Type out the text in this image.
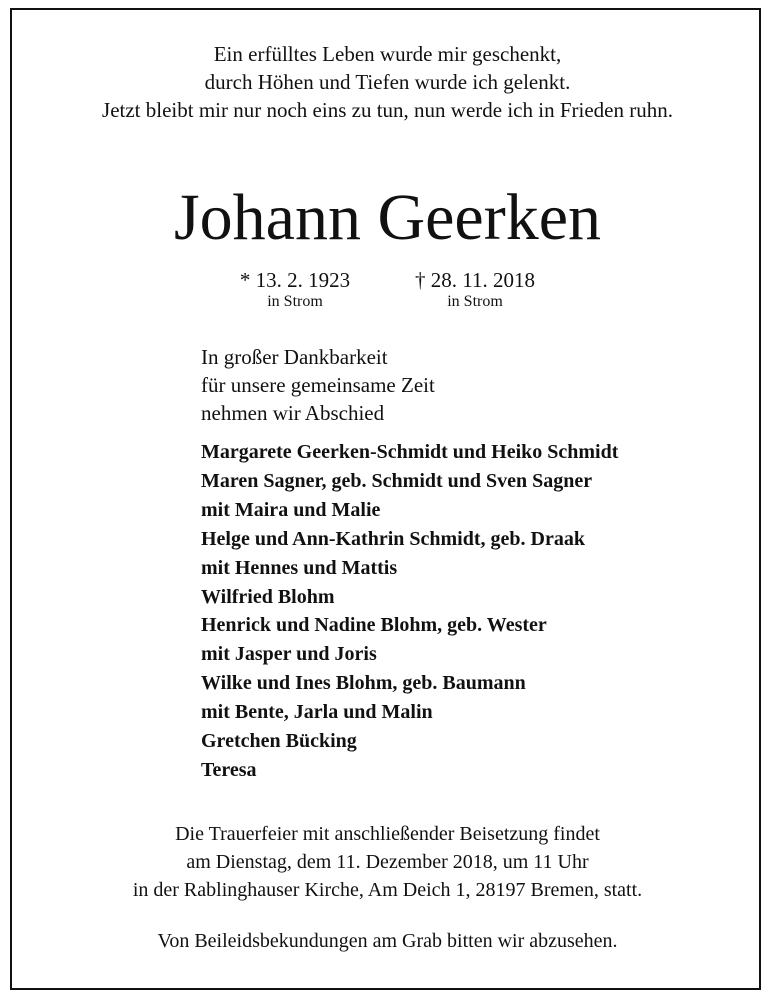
Ein erfülltes Leben wurde mir geschenkt,
durch Höhen und Tiefen wurde ich gelenkt.
Jetzt bleibt mir nur noch eins zu tun, nun werde ich in Frieden ruhn.
Johann Geerken
* 13. 2. 1923
in Strom
† 28. 11. 2018
in Strom
In großer Dankbarkeit
für unsere gemeinsame Zeit
nehmen wir Abschied
Margarete Geerken-Schmidt und Heiko Schmidt
Maren Sagner, geb. Schmidt und Sven Sagner
mit Maira und Malie
Helge und Ann-Kathrin Schmidt, geb. Draak
mit Hennes und Mattis
Wilfried Blohm
Henrick und Nadine Blohm, geb. Wester
mit Jasper und Joris
Wilke und Ines Blohm, geb. Baumann
mit Bente, Jarla und Malin
Gretchen Bücking
Teresa
Die Trauerfeier mit anschließender Beisetzung findet
am Dienstag, dem 11. Dezember 2018, um 11 Uhr
in der Rablinghauser Kirche, Am Deich 1, 28197 Bremen, statt.
Von Beileidsbekundungen am Grab bitten wir abzusehen.
